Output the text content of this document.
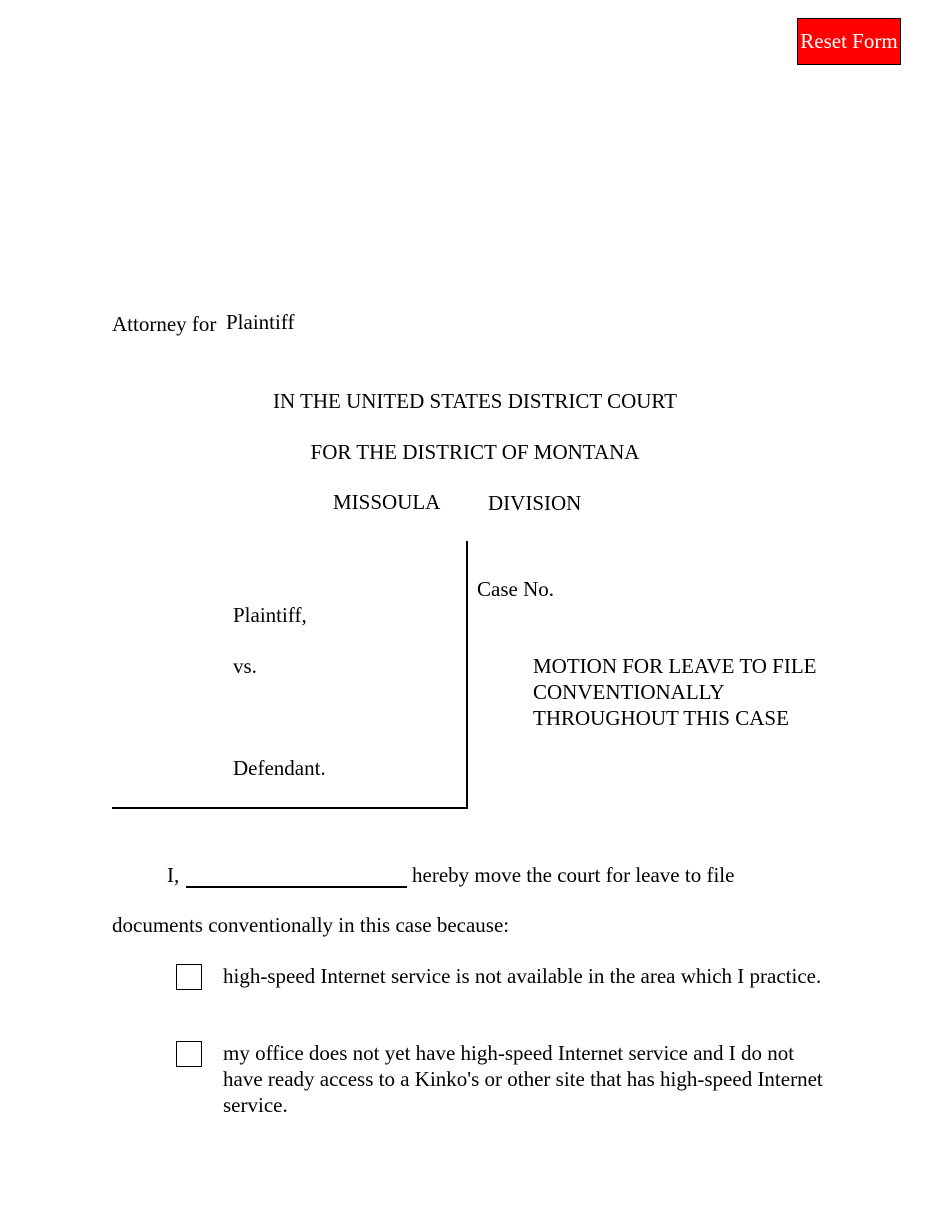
Reset Form
Attorney for Plaintiff
IN THE UNITED STATES DISTRICT COURT
FOR THE DISTRICT OF MONTANA
MISSOULA DIVISION
Plaintiff,
vs.
Defendant.
Case No.
MOTION FOR LEAVE TO FILE
CONVENTIONALLY
THROUGHOUT THIS CASE
I,	hereby move the court for leave to file
documents conventionally in this case because:
high-speed Internet service is not available in the area which I practice.
my office does not yet have high-speed Internet service and I do not have ready access to a Kinko's or other site that has high-speed Internet service.
